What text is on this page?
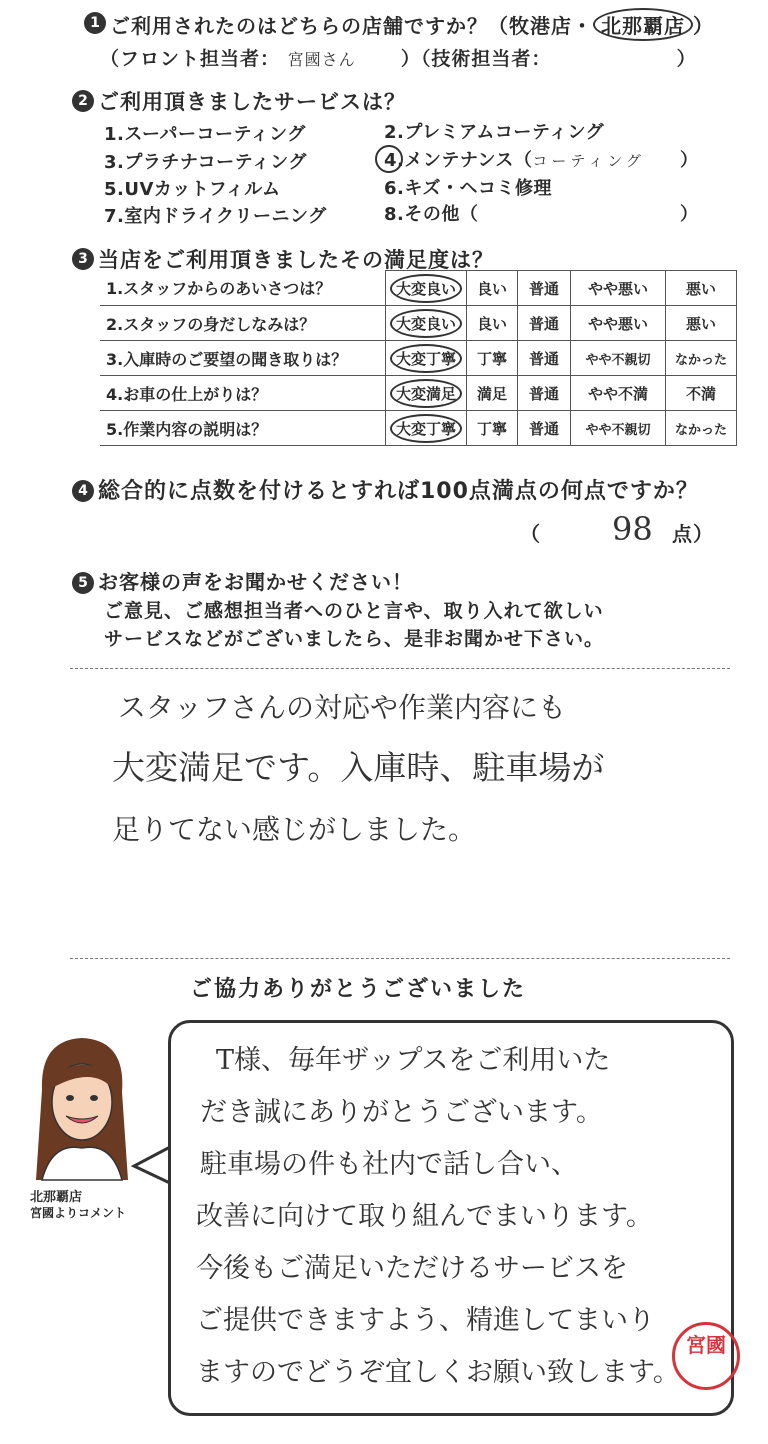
1 ご利用されたのはどちらの店舗ですか？（牧港店・ 北那覇店 ）
（フロント担当者： 宮國さん ）（技術担当者：	）
2 ご利用頂きましたサービスは？
1.スーパーコーティング	2.プレミアムコーティング
3.プラチナコーティング	4.メンテナンス（コーティング ）
5.UVカットフィルム	6.キズ・ヘコミ修理
7.室内ドライクリーニング	8.その他（	）
3 当店をご利用頂きましたその満足度は？
1.スタッフからのあいさつは？	大変良い	良い	普通	やや悪い	悪い
2.スタッフの身だしなみは？	大変良い	良い	普通	やや悪い	悪い
3.入庫時のご要望の聞き取りは？	大変丁寧	丁寧	普通	やや不親切	なかった
4.お車の仕上がりは？	大変満足	満足	普通	やや不満	不満
5.作業内容の説明は？	大変丁寧	丁寧	普通	やや不親切	なかった
4 総合的に点数を付けるとすれば100点満点の何点ですか？
（ 98 点）
5 お客様の声をお聞かせください！
ご意見、ご感想担当者へのひと言や、取り入れて欲しい
サービスなどがございましたら、是非お聞かせ下さい。
スタッフさんの対応や作業内容にも
大変満足です。入庫時、駐車場が
足りてない感じがしました。
ご協力ありがとうございました
北那覇店
宮國よりコメント
T様、毎年ザップスをご利用いた
だき誠にありがとうございます。
駐車場の件も社内で話し合い、
改善に向けて取り組んでまいります。
今後もご満足いただけるサービスを
ご提供できますよう、精進してまいり
ますのでどうぞ宜しくお願い致します。
宮國
